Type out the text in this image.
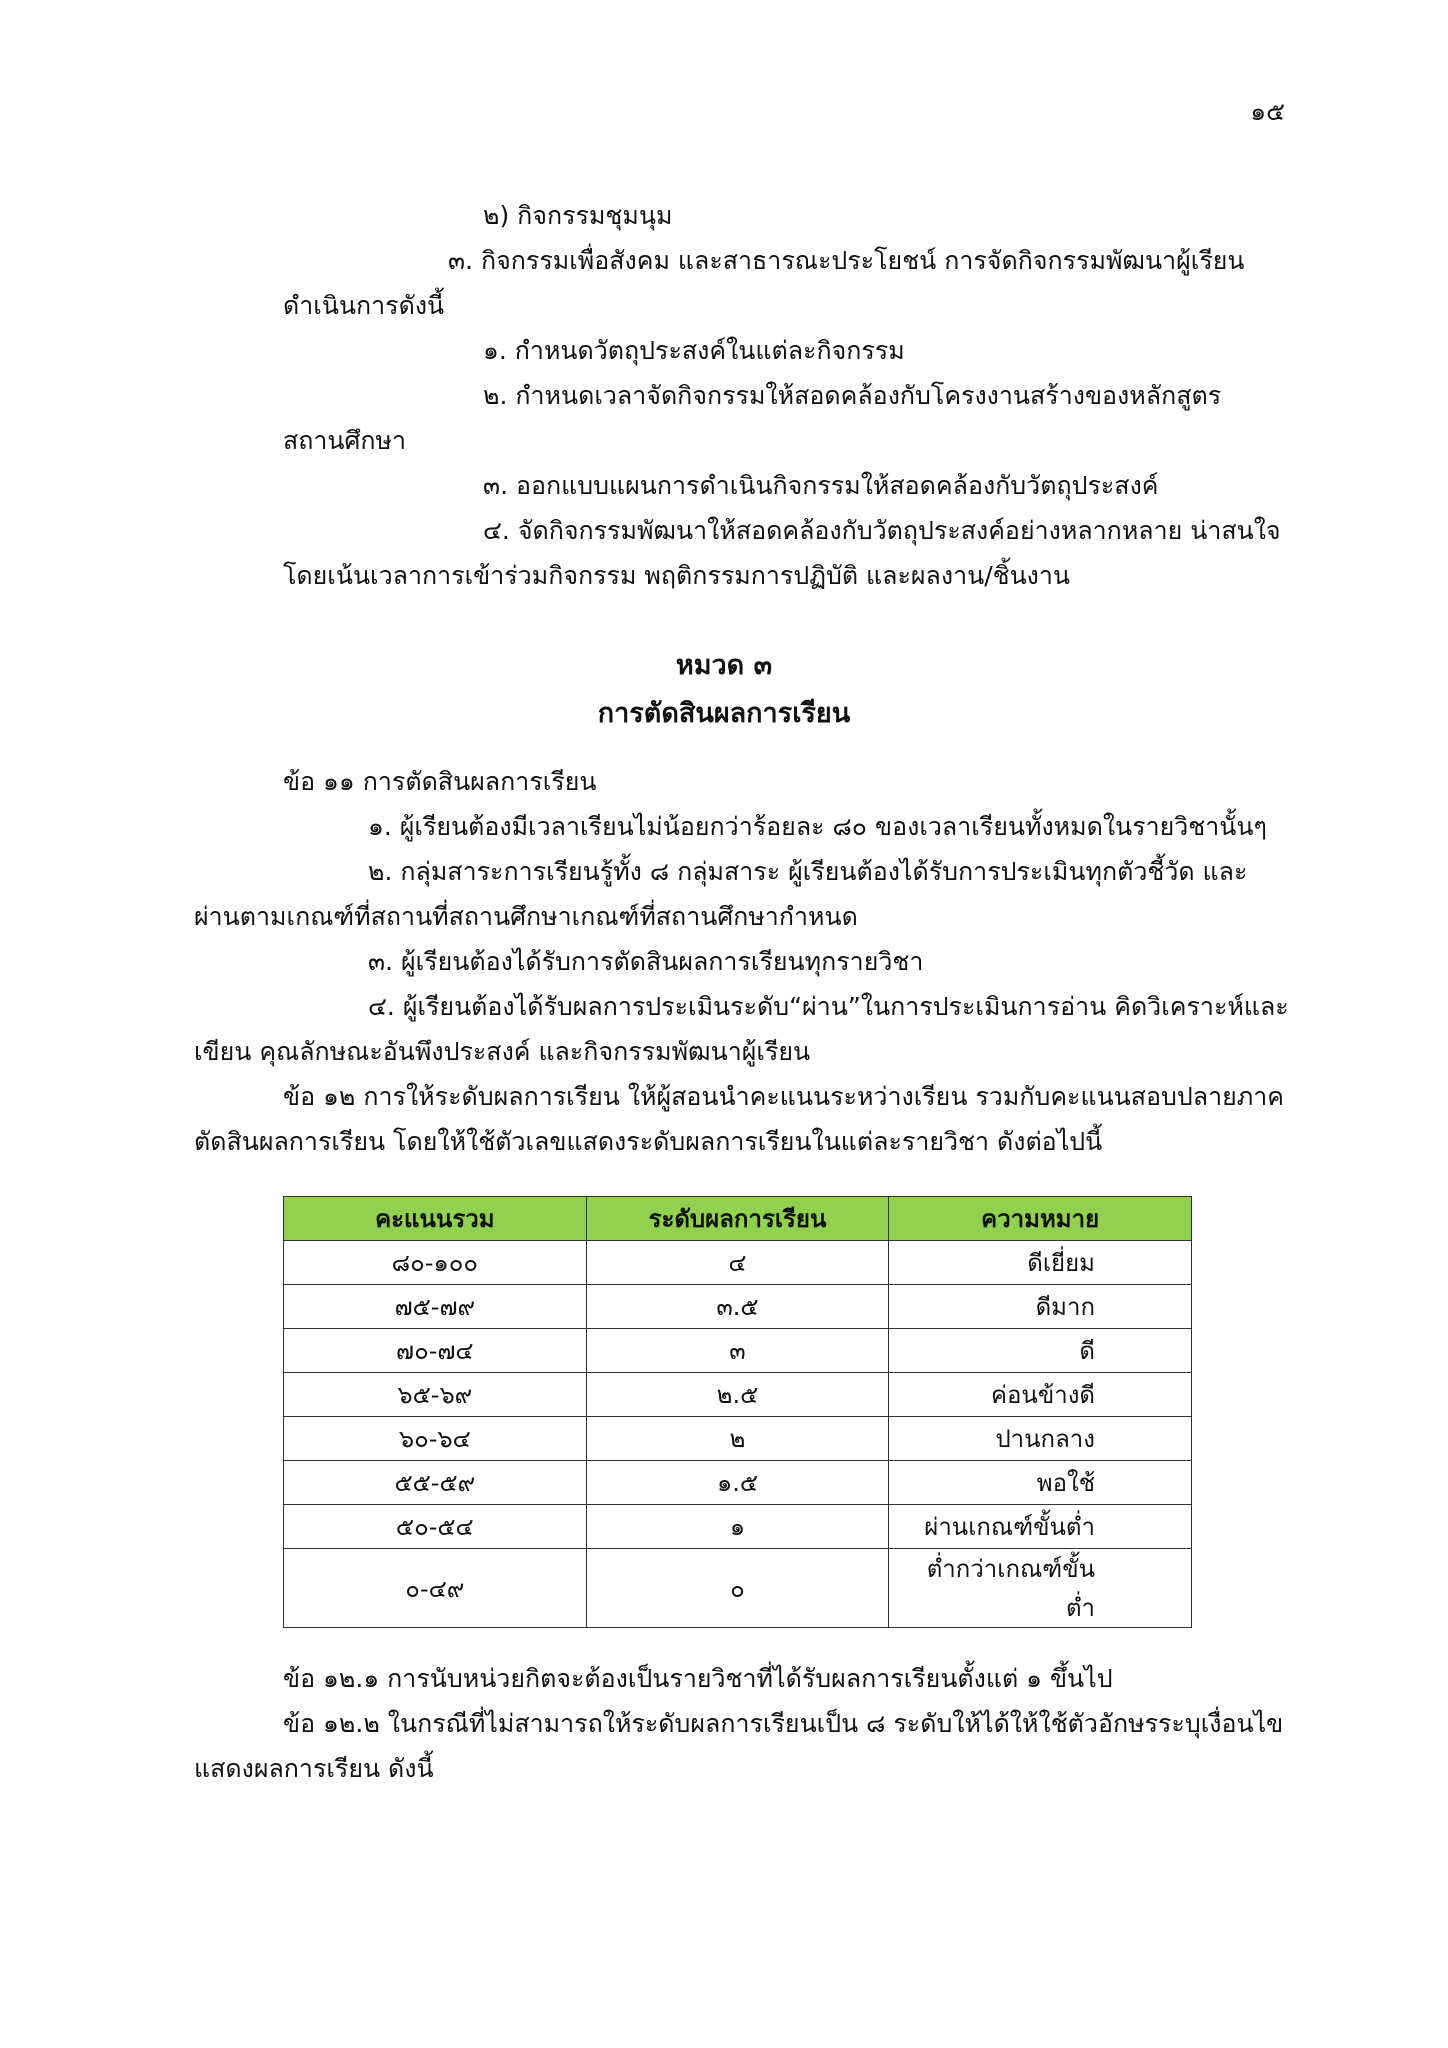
๑๕
๒) กิจกรรมชุมนุม
๓. กิจกรรมเพื่อสังคม และสาธารณะประโยชน์ การจัดกิจกรรมพัฒนาผู้เรียน
ดำเนินการดังนี้
๑. กำหนดวัตถุประสงค์ในแต่ละกิจกรรม
๒. กำหนดเวลาจัดกิจกรรมให้สอดคล้องกับโครงงานสร้างของหลักสูตร
สถานศึกษา
๓. ออกแบบแผนการดำเนินกิจกรรมให้สอดคล้องกับวัตถุประสงค์
๔. จัดกิจกรรมพัฒนาให้สอดคล้องกับวัตถุประสงค์อย่างหลากหลาย น่าสนใจ
โดยเน้นเวลาการเข้าร่วมกิจกรรม พฤติกรรมการปฏิบัติ และผลงาน/ชิ้นงาน
หมวด ๓
การตัดสินผลการเรียน
ข้อ ๑๑ การตัดสินผลการเรียน
๑. ผู้เรียนต้องมีเวลาเรียนไม่น้อยกว่าร้อยละ ๘๐ ของเวลาเรียนทั้งหมดในรายวิชานั้นๆ
๒. กลุ่มสาระการเรียนรู้ทั้ง ๘ กลุ่มสาระ ผู้เรียนต้องได้รับการประเมินทุกตัวชี้วัด และ
ผ่านตามเกณฑ์ที่สถานที่สถานศึกษาเกณฑ์ที่สถานศึกษากำหนด
๓. ผู้เรียนต้องได้รับการตัดสินผลการเรียนทุกรายวิชา
๔. ผู้เรียนต้องได้รับผลการประเมินระดับ“ผ่าน”ในการประเมินการอ่าน คิดวิเคราะห์และ
เขียน คุณลักษณะอันพึงประสงค์ และกิจกรรมพัฒนาผู้เรียน
ข้อ ๑๒ การให้ระดับผลการเรียน ให้ผู้สอนนำคะแนนระหว่างเรียน รวมกับคะแนนสอบปลายภาค
ตัดสินผลการเรียน โดยให้ใช้ตัวเลขแสดงระดับผลการเรียนในแต่ละรายวิชา ดังต่อไปนี้
คะแนนรวม	ระดับผลการเรียน	ความหมาย
๘๐-๑๐๐	๔	ดีเยี่ยม
๗๕-๗๙	๓.๕	ดีมาก
๗๐-๗๔	๓	ดี
๖๕-๖๙	๒.๕	ค่อนข้างดี
๖๐-๖๔	๒	ปานกลาง
๕๕-๕๙	๑.๕	พอใช้
๕๐-๕๔	๑	ผ่านเกณฑ์ขั้นต่ำ
๐-๔๙	๐	ต่ำกว่าเกณฑ์ขั้นต่ำ
ข้อ ๑๒.๑ การนับหน่วยกิตจะต้องเป็นรายวิชาที่ได้รับผลการเรียนตั้งแต่ ๑ ขึ้นไป
ข้อ ๑๒.๒ ในกรณีที่ไม่สามารถให้ระดับผลการเรียนเป็น ๘ ระดับให้ได้ให้ใช้ตัวอักษรระบุเงื่อนไข
แสดงผลการเรียน ดังนี้
